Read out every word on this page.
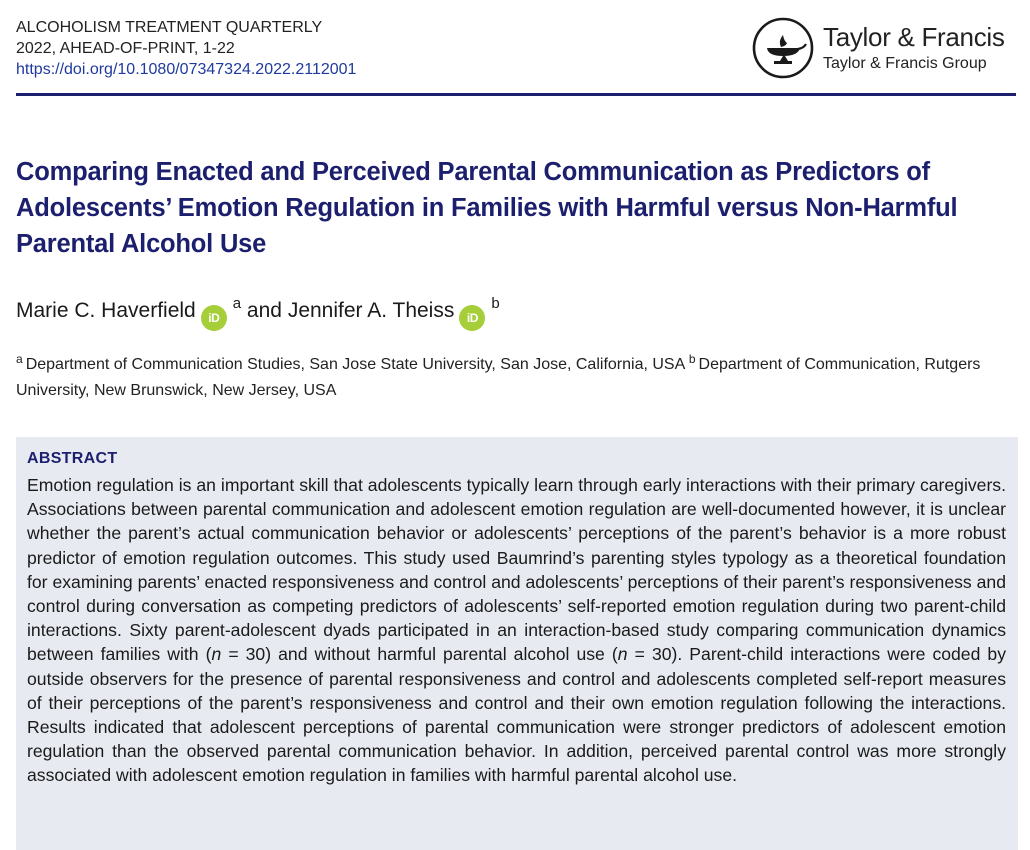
ALCOHOLISM TREATMENT QUARTERLY
2022, AHEAD-OF-PRINT, 1-22
https://doi.org/10.1080/07347324.2022.2112001
Taylor & Francis
Taylor & Francis Group
Comparing Enacted and Perceived Parental Communication as Predictors of Adolescents’ Emotion Regulation in Families with Harmful versus Non-Harmful Parental Alcohol Use
Marie C. Haverfield $iD^a$ and Jennifer A. Theiss $iD^b$
$^a$ Department of Communication Studies, San Jose State University, San Jose, California, USA $^b$ Department of Communication, Rutgers University, New Brunswick, New Jersey, USA
ABSTRACT

Emotion regulation is an important skill that adolescents typically learn through early interactions with their primary caregivers. Associations between parental communication and adolescent emotion regulation are well-documented however, it is unclear whether the parent’s actual communication behavior or adolescents’ perceptions of the parent’s behavior is a more robust predictor of emotion regulation outcomes. This study used Baumrind’s parenting styles typology as a theoretical foundation for examining parents’ enacted responsiveness and control and adolescents’ perceptions of their parent’s responsiveness and control during conversation as competing predictors of adolescents’ self-reported emotion regulation during two parent-child interactions. Sixty parent-adolescent dyads participated in an interaction-based study comparing communication dynamics between families with (n = 30) and without harmful parental alcohol use (n = 30). Parent-child interactions were coded by outside observers for the presence of parental responsiveness and control and adolescents completed self-report measures of their perceptions of the parent’s responsiveness and control and their own emotion regulation following the interactions. Results indicated that adolescent perceptions of parental communication were stronger predictors of adolescent emotion regulation than the observed parental communication behavior. In addition, perceived parental control was more strongly associated with adolescent emotion regulation in families with harmful parental alcohol use.
